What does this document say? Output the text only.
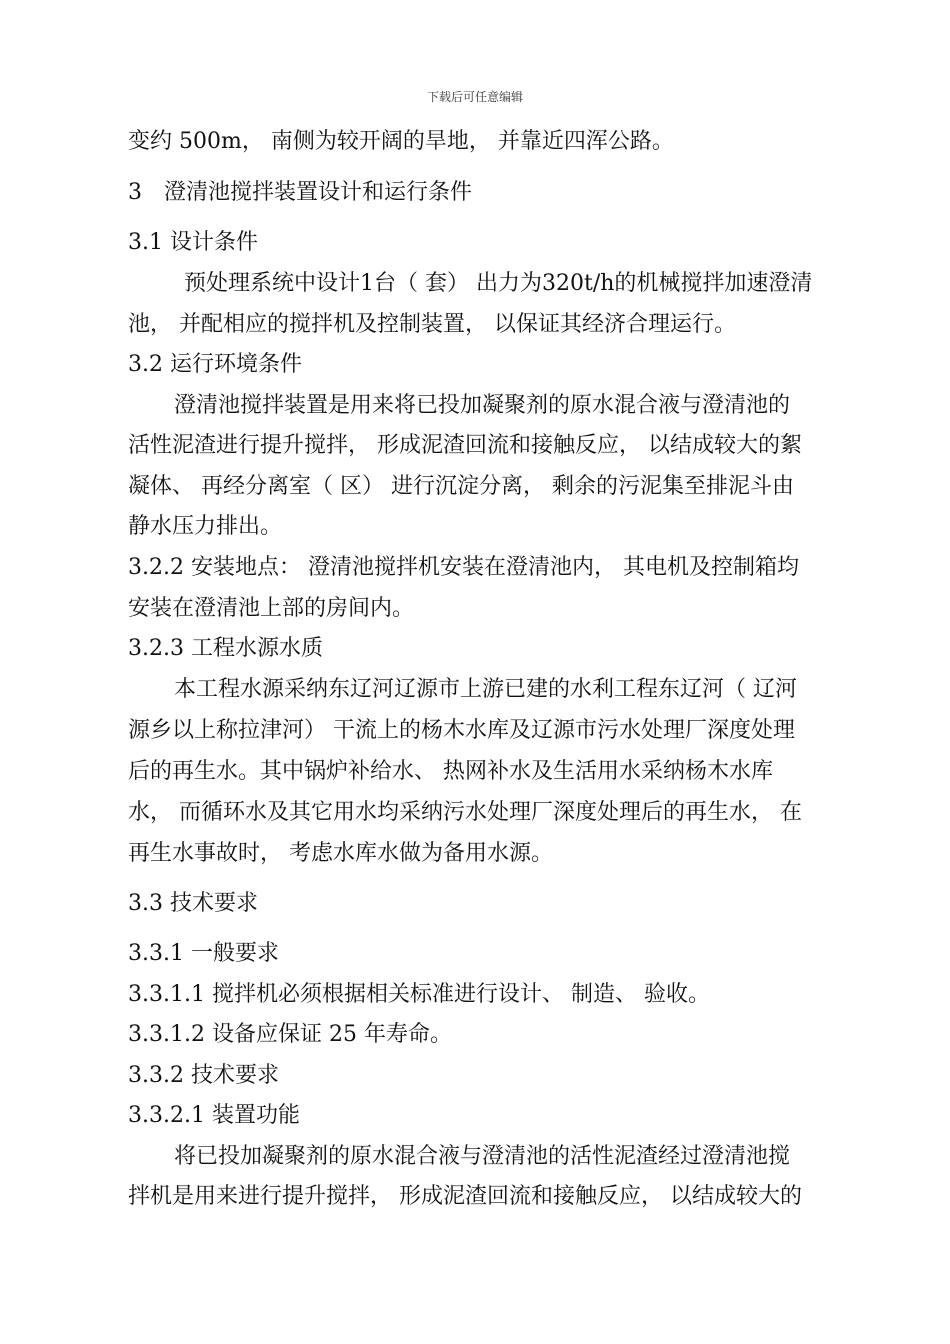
下载后可任意编辑
变约 500m， 南侧为较开阔的旱地， 并靠近四浑公路。
3　澄清池搅拌装置设计和运行条件
3.1 设计条件
预处理系统中设计1台（ 套） 出力为320t/h的机械搅拌加速澄清
池， 并配相应的搅拌机及控制装置， 以保证其经济合理运行。
3.2 运行环境条件
澄清池搅拌装置是用来将已投加凝聚剂的原水混合液与澄清池的
活性泥渣进行提升搅拌， 形成泥渣回流和接触反应， 以结成较大的絮
凝体、 再经分离室（ 区） 进行沉淀分离， 剩余的污泥集至排泥斗由
静水压力排出。
3.2.2 安装地点： 澄清池搅拌机安装在澄清池内， 其电机及控制箱均
安装在澄清池上部的房间内。
3.2.3 工程水源水质
本工程水源采纳东辽河辽源市上游已建的水利工程东辽河（ 辽河
源乡以上称拉津河） 干流上的杨木水库及辽源市污水处理厂深度处理
后的再生水。其中锅炉补给水、 热网补水及生活用水采纳杨木水库
水， 而循环水及其它用水均采纳污水处理厂深度处理后的再生水， 在
再生水事故时， 考虑水库水做为备用水源。
3.3 技术要求
3.3.1 一般要求
3.3.1.1 搅拌机必须根据相关标准进行设计、 制造、 验收。
3.3.1.2 设备应保证 25 年寿命。
3.3.2 技术要求
3.3.2.1 装置功能
将已投加凝聚剂的原水混合液与澄清池的活性泥渣经过澄清池搅
拌机是用来进行提升搅拌， 形成泥渣回流和接触反应， 以结成较大的
